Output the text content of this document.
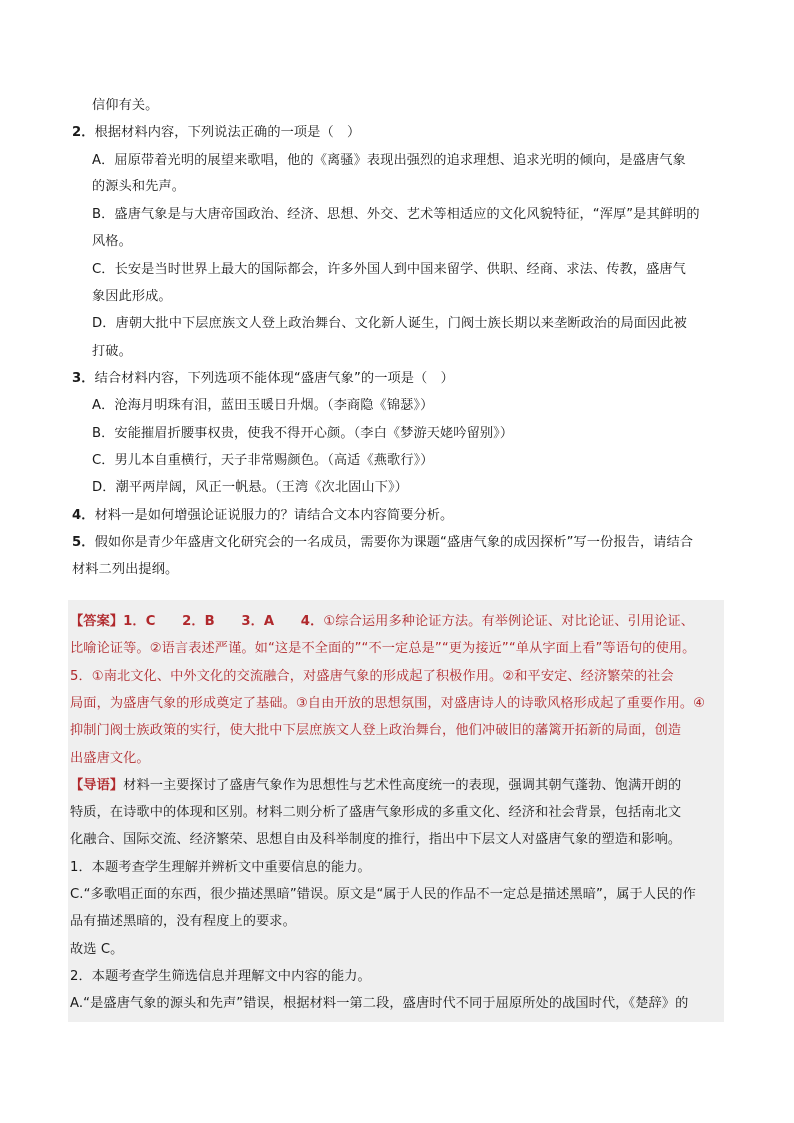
信仰有关。
2．根据材料内容，下列说法正确的一项是（　）
A．屈原带着光明的展望来歌唱，他的《离骚》表现出强烈的追求理想、追求光明的倾向，是盛唐气象
的源头和先声。
B．盛唐气象是与大唐帝国政治、经济、思想、外交、艺术等相适应的文化风貌特征，“浑厚”是其鲜明的
风格。
C．长安是当时世界上最大的国际都会，许多外国人到中国来留学、供职、经商、求法、传教，盛唐气
象因此形成。
D．唐朝大批中下层庶族文人登上政治舞台、文化新人诞生，门阀士族长期以来垄断政治的局面因此被
打破。
3．结合材料内容，下列选项不能体现“盛唐气象”的一项是（　）
A．沧海月明珠有泪，蓝田玉暖日升烟。（李商隐《锦瑟》）
B．安能摧眉折腰事权贵，使我不得开心颜。（李白《梦游天姥吟留别》）
C．男儿本自重横行，天子非常赐颜色。（高适《燕歌行》）
D．潮平两岸阔，风正一帆悬。（王湾《次北固山下》）
4．材料一是如何增强论证说服力的？请结合文本内容简要分析。
5．假如你是青少年盛唐文化研究会的一名成员，需要你为课题“盛唐气象的成因探析”写一份报告，请结合
材料二列出提纲。
【答案】1．C　　2．B　　3．A　　4．①综合运用多种论证方法。有举例论证、对比论证、引用论证、
比喻论证等。②语言表述严谨。如“这是不全面的”“不一定总是”“更为接近”“单从字面上看”等语句的使用。
5．①南北文化、中外文化的交流融合，对盛唐气象的形成起了积极作用。②和平安定、经济繁荣的社会
局面，为盛唐气象的形成奠定了基础。③自由开放的思想氛围，对盛唐诗人的诗歌风格形成起了重要作用。④
抑制门阀士族政策的实行，使大批中下层庶族文人登上政治舞台，他们冲破旧的藩篱开拓新的局面，创造
出盛唐文化。
【导语】材料一主要探讨了盛唐气象作为思想性与艺术性高度统一的表现，强调其朝气蓬勃、饱满开朗的
特质，在诗歌中的体现和区别。材料二则分析了盛唐气象形成的多重文化、经济和社会背景，包括南北文
化融合、国际交流、经济繁荣、思想自由及科举制度的推行，指出中下层文人对盛唐气象的塑造和影响。
1．本题考查学生理解并辨析文中重要信息的能力。
C.“多歌唱正面的东西，很少描述黑暗”错误。原文是“属于人民的作品不一定总是描述黑暗”，属于人民的作
品有描述黑暗的，没有程度上的要求。
故选 C。
2．本题考查学生筛选信息并理解文中内容的能力。
A.“是盛唐气象的源头和先声”错误，根据材料一第二段，盛唐时代不同于屈原所处的战国时代，《楚辞》的
